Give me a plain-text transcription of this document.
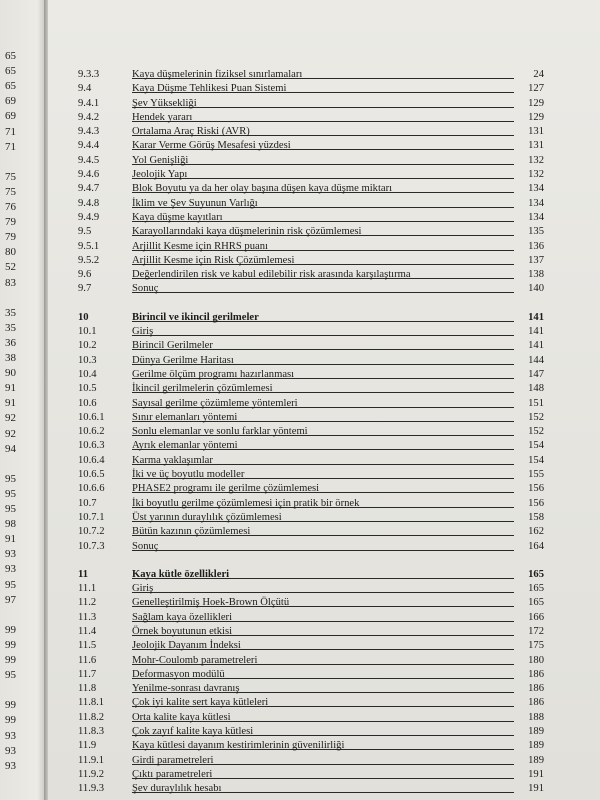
65
65
65
69
69
71
71
75
75
76
79
79
80
52
83
35
35
36
38
90
91
91
92
92
94
95
95
95
98
91
93
93
95
97
99
99
99
95
99
99
93
93
93
9.3.3	Kaya düşmelerinin fiziksel sınırlamaları	24
9.4	Kaya Düşme Tehlikesi Puan Sistemi	127
9.4.1	Şev Yüksekliği	129
9.4.2	Hendek yararı	129
9.4.3	Ortalama Araç Riski (AVR)	131
9.4.4	Karar Verme Görüş Mesafesi yüzdesi	131
9.4.5	Yol Genişliği	132
9.4.6	Jeolojik Yapı	132
9.4.7	Blok Boyutu ya da her olay başına düşen kaya düşme miktarı	134
9.4.8	İklim ve Şev Suyunun Varlığı	134
9.4.9	Kaya düşme kayıtları	134
9.5	Karayollarındaki kaya düşmelerinin risk çözümlemesi	135
9.5.1	Arjillit Kesme için RHRS puanı	136
9.5.2	Arjillit Kesme için Risk Çözümlemesi	137
9.6	Değerlendirilen risk ve kabul edilebilir risk arasında karşılaştırma	138
9.7	Sonuç	140
10	Birincil ve ikincil gerilmeler	141
10.1	Giriş	141
10.2	Birincil Gerilmeler	141
10.3	Dünya Gerilme Haritası	144
10.4	Gerilme ölçüm programı hazırlanması	147
10.5	İkincil gerilmelerin çözümlemesi	148
10.6	Sayısal gerilme çözümleme yöntemleri	151
10.6.1	Sınır elemanları yöntemi	152
10.6.2	Sonlu elemanlar ve sonlu farklar yöntemi	152
10.6.3	Ayrık elemanlar yöntemi	154
10.6.4	Karma yaklaşımlar	154
10.6.5	İki ve üç boyutlu modeller	155
10.6.6	PHASE2 programı ile gerilme çözümlemesi	156
10.7	İki boyutlu gerilme çözümlemesi için pratik bir örnek	156
10.7.1	Üst yarının duraylılık çözümlemesi	158
10.7.2	Bütün kazının çözümlemesi	162
10.7.3	Sonuç	164
11	Kaya kütle özellikleri	165
11.1	Giriş	165
11.2	Genelleştirilmiş Hoek-Brown Ölçütü	165
11.3	Sağlam kaya özellikleri	166
11.4	Örnek boyutunun etkisi	172
11.5	Jeolojik Dayanım İndeksi	175
11.6	Mohr-Coulomb parametreleri	180
11.7	Deformasyon modülü	186
11.8	Yenilme-sonrası davranış	186
11.8.1	Çok iyi kalite sert kaya kütleleri	186
11.8.2	Orta kalite kaya kütlesi	188
11.8.3	Çok zayıf kalite kaya kütlesi	189
11.9	Kaya kütlesi dayanım kestirimlerinin güvenilirliği	189
11.9.1	Girdi parametreleri	189
11.9.2	Çıktı parametreleri	191
11.9.3	Şev duraylılık hesabı	191
